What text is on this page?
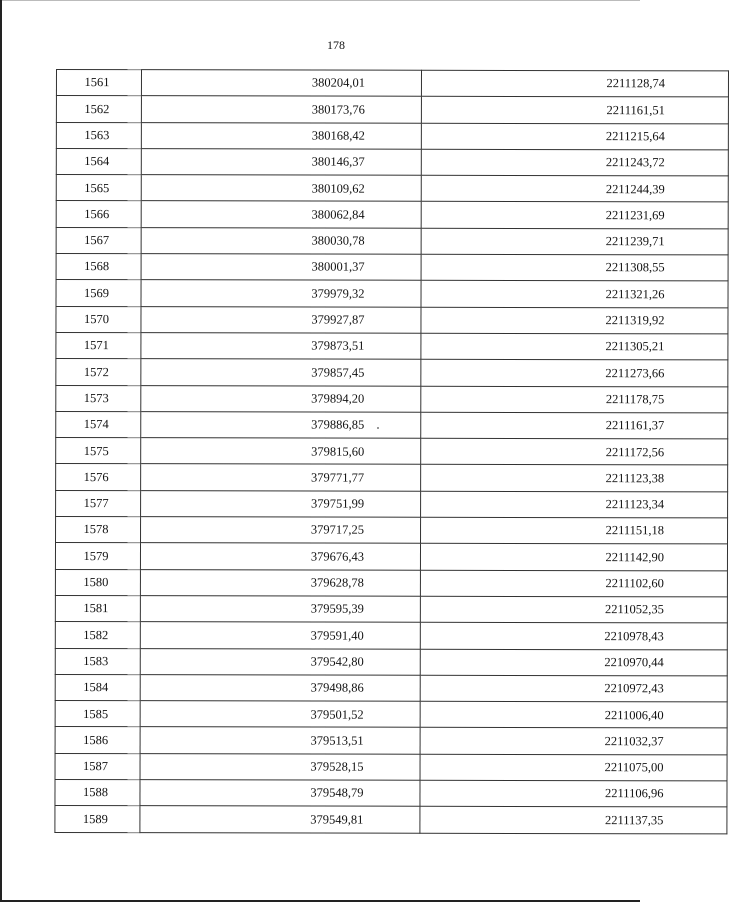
178
1561	380204,01	2211128,74
1562	380173,76	2211161,51
1563	380168,42	2211215,64
1564	380146,37	2211243,72
1565	380109,62	2211244,39
1566	380062,84	2211231,69
1567	380030,78	2211239,71
1568	380001,37	2211308,55
1569	379979,32	2211321,26
1570	379927,87	2211319,92
1571	379873,51	2211305,21
1572	379857,45	2211273,66
1573	379894,20	2211178,75
1574	379886,85	2211161,37
1575	379815,60	2211172,56
1576	379771,77	2211123,38
1577	379751,99	2211123,34
1578	379717,25	2211151,18
1579	379676,43	2211142,90
1580	379628,78	2211102,60
1581	379595,39	2211052,35
1582	379591,40	2210978,43
1583	379542,80	2210970,44
1584	379498,86	2210972,43
1585	379501,52	2211006,40
1586	379513,51	2211032,37
1587	379528,15	2211075,00
1588	379548,79	2211106,96
1589	379549,81	2211137,35
